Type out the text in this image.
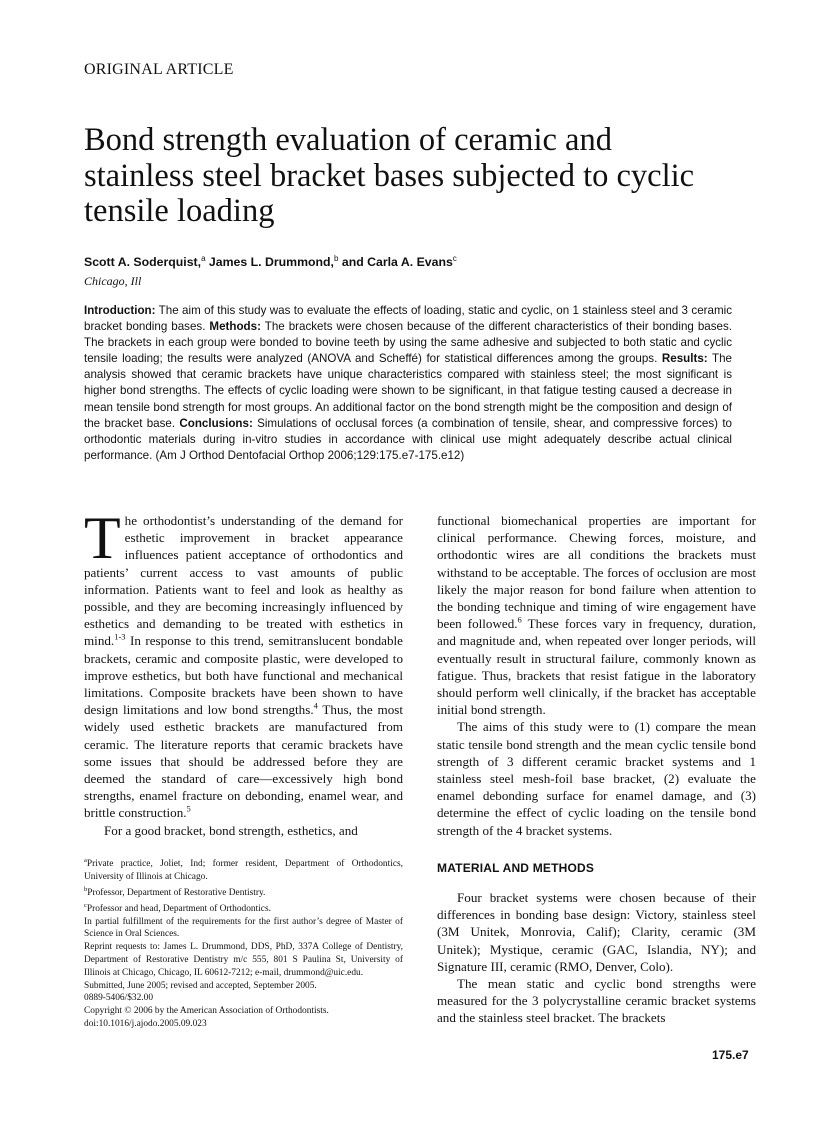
ORIGINAL ARTICLE
Bond strength evaluation of ceramic and stainless steel bracket bases subjected to cyclic tensile loading
Scott A. Soderquist,$^a$ James L. Drummond,$^b$ and Carla A. Evans$^c$
Chicago, Ill
Introduction: The aim of this study was to evaluate the effects of loading, static and cyclic, on 1 stainless steel and 3 ceramic bracket bonding bases. Methods: The brackets were chosen because of the different characteristics of their bonding bases. The brackets in each group were bonded to bovine teeth by using the same adhesive and subjected to both static and cyclic tensile loading; the results were analyzed (ANOVA and Scheffé) for statistical differences among the groups. Results: The analysis showed that ceramic brackets have unique characteristics compared with stainless steel; the most significant is higher bond strengths. The effects of cyclic loading were shown to be significant, in that fatigue testing caused a decrease in mean tensile bond strength for most groups. An additional factor on the bond strength might be the composition and design of the bracket base. Conclusions: Simulations of occlusal forces (a combination of tensile, shear, and compressive forces) to orthodontic materials during in-vitro studies in accordance with clinical use might adequately describe actual clinical performance. (Am J Orthod Dentofacial Orthop 2006;129:175.e7-175.e12)

The orthodontist’s understanding of the demand for esthetic improvement in bracket appearance influences patient acceptance of orthodontics and patients’ current access to vast amounts of public information. Patients want to feel and look as healthy as possible, and they are becoming increasingly influenced by esthetics and demanding to be treated with esthetics in mind.$^{1-3}$ In response to this trend, semitranslucent bondable brackets, ceramic and composite plastic, were developed to improve esthetics, but both have functional and mechanical limitations. Composite brackets have been shown to have design limitations and low bond strengths.$^4$ Thus, the most widely used esthetic brackets are manufactured from ceramic. The literature reports that ceramic brackets have some issues that should be addressed before they are deemed the standard of care—excessively high bond strengths, enamel fracture on debonding, enamel wear, and brittle construction.$^5$

For a good bracket, bond strength, esthetics, and

functional biomechanical properties are important for clinical performance. Chewing forces, moisture, and orthodontic wires are all conditions the brackets must withstand to be acceptable. The forces of occlusion are most likely the major reason for bond failure when attention to the bonding technique and timing of wire engagement have been followed.$^6$ These forces vary in frequency, duration, and magnitude and, when repeated over longer periods, will eventually result in structural failure, commonly known as fatigue. Thus, brackets that resist fatigue in the laboratory should perform well clinically, if the bracket has acceptable initial bond strength.

The aims of this study were to (1) compare the mean static tensile bond strength and the mean cyclic tensile bond strength of 3 different ceramic bracket systems and 1 stainless steel mesh-foil base bracket, (2) evaluate the enamel debonding surface for enamel damage, and (3) determine the effect of cyclic loading on the tensile bond strength of the 4 bracket systems.

MATERIAL AND METHODS

Four bracket systems were chosen because of their differences in bonding base design: Victory, stainless steel (3M Unitek, Monrovia, Calif); Clarity, ceramic (3M Unitek); Mystique, ceramic (GAC, Islandia, NY); and Signature III, ceramic (RMO, Denver, Colo).

The mean static and cyclic bond strengths were measured for the 3 polycrystalline ceramic bracket systems and the stainless steel bracket. The brackets

$^a$Private practice, Joliet, Ind; former resident, Department of Orthodontics, University of Illinois at Chicago.
$^b$Professor, Department of Restorative Dentistry.
$^c$Professor and head, Department of Orthodontics.
In partial fulfillment of the requirements for the first author’s degree of Master of Science in Oral Sciences.
Reprint requests to: James L. Drummond, DDS, PhD, 337A College of Dentistry, Department of Restorative Dentistry m/c 555, 801 S Paulina St, University of Illinois at Chicago, Chicago, IL 60612-7212; e-mail, drummond@uic.edu.
Submitted, June 2005; revised and accepted, September 2005.
0889-5406/$32.00
Copyright © 2006 by the American Association of Orthodontists.
doi:10.1016/j.ajodo.2005.09.023
175.e7
